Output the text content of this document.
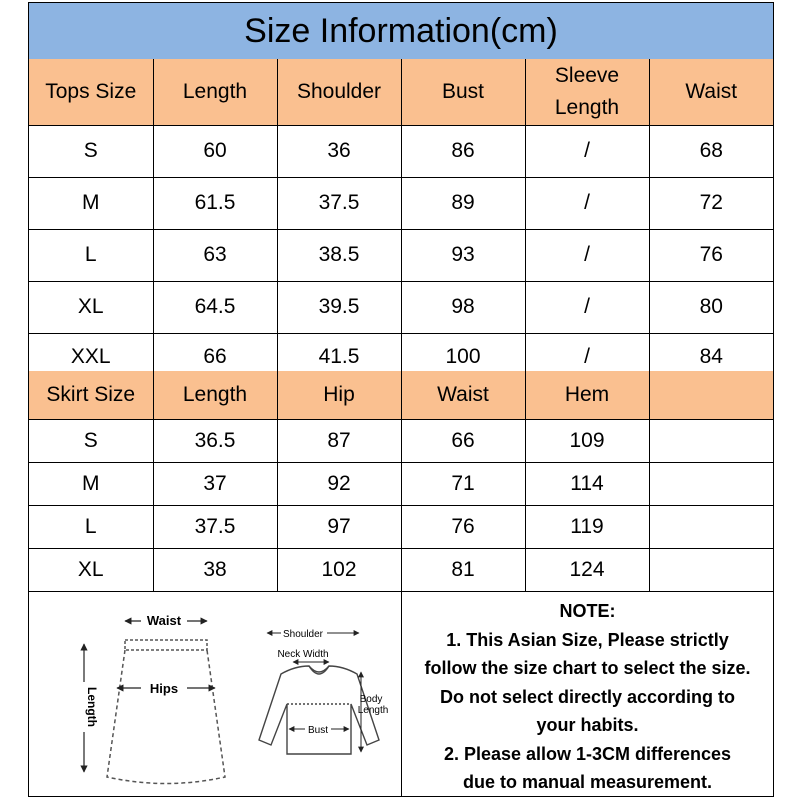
Size Information(cm)
Tops Size	Length	Shoulder	Bust	Sleeve Length	Waist
S	60	36	86	/	68
M	61.5	37.5	89	/	72
L	63	38.5	93	/	76
XL	64.5	39.5	98	/	80
XXL	66	41.5	100	/	84
Skirt Size	Length	Hip	Waist	Hem	
S	36.5	87	66	109	
M	37	92	71	114	
L	37.5	97	76	119	
XL	38	102	81	124	
Waist
Hips
Length
Shoulder
Neck Width
Body
Length
Bust
NOTE:
1. This Asian Size, Please strictly
follow the size chart to select the size.
Do not select directly according to
your habits.
2. Please allow 1-3CM differences
due to manual measurement.
